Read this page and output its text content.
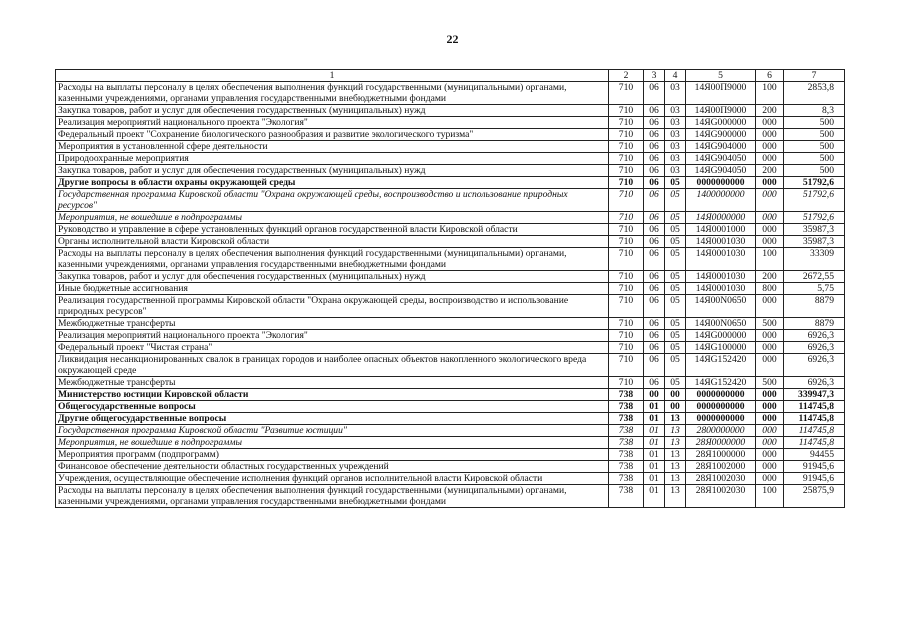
22
1	2	3	4	5	6	7
Расходы на выплаты персоналу в целях обеспечения выполнения функций государственными (муниципальными) органами, казенными учреждениями, органами управления государственными внебюджетными фондами	710	06	03	14Я00П9000	100	2853,8
Закупка товаров, работ и услуг для обеспечения государственных (муниципальных) нужд	710	06	03	14Я00П9000	200	8,3
Реализация мероприятий национального проекта "Экология"	710	06	03	14ЯG000000	000	500
Федеральный проект "Сохранение биологического разнообразия и развитие экологического туризма"	710	06	03	14ЯG900000	000	500
Мероприятия в установленной сфере деятельности	710	06	03	14ЯG904000	000	500
Природоохранные мероприятия	710	06	03	14ЯG904050	000	500
Закупка товаров, работ и услуг для обеспечения государственных (муниципальных) нужд	710	06	03	14ЯG904050	200	500
Другие вопросы в области охраны окружающей среды	710	06	05	0000000000	000	51792,6
Государственная программа Кировской области "Охрана окружающей среды, воспроизводство и использование природных ресурсов"	710	06	05	1400000000	000	51792,6
Мероприятия, не вошедшие в подпрограммы	710	06	05	14Я0000000	000	51792,6
Руководство и управление в сфере установленных функций органов государственной власти Кировской области	710	06	05	14Я0001000	000	35987,3
Органы исполнительной власти Кировской области	710	06	05	14Я0001030	000	35987,3
Расходы на выплаты персоналу в целях обеспечения выполнения функций государственными (муниципальными) органами, казенными учреждениями, органами управления государственными внебюджетными фондами	710	06	05	14Я0001030	100	33309
Закупка товаров, работ и услуг для обеспечения государственных (муниципальных) нужд	710	06	05	14Я0001030	200	2672,55
Иные бюджетные ассигнования	710	06	05	14Я0001030	800	5,75
Реализация государственной программы Кировской области "Охрана окружающей среды, воспроизводство и использование природных ресурсов"	710	06	05	14Я00N0650	000	8879
Межбюджетные трансферты	710	06	05	14Я00N0650	500	8879
Реализация мероприятий национального проекта "Экология"	710	06	05	14ЯG000000	000	6926,3
Федеральный проект "Чистая страна"	710	06	05	14ЯG100000	000	6926,3
Ликвидация несанкционированных свалок в границах городов и наиболее опасных объектов накопленного экологического вреда окружающей среде	710	06	05	14ЯG152420	000	6926,3
Межбюджетные трансферты	710	06	05	14ЯG152420	500	6926,3
Министерство юстиции Кировской области	738	00	00	0000000000	000	339947,3
Общегосударственные вопросы	738	01	00	0000000000	000	114745,8
Другие общегосударственные вопросы	738	01	13	0000000000	000	114745,8
Государственная программа Кировской области "Развитие юстиции"	738	01	13	2800000000	000	114745,8
Мероприятия, не вошедшие в подпрограммы	738	01	13	28Я0000000	000	114745,8
Мероприятия программ (подпрограмм)	738	01	13	28Я1000000	000	94455
Финансовое обеспечение деятельности областных государственных учреждений	738	01	13	28Я1002000	000	91945,6
Учреждения, осуществляющие обеспечение исполнения функций органов исполнительной власти Кировской области	738	01	13	28Я1002030	000	91945,6
Расходы на выплаты персоналу в целях обеспечения выполнения функций государственными (муниципальными) органами, казенными учреждениями, органами управления государственными внебюджетными фондами	738	01	13	28Я1002030	100	25875,9
